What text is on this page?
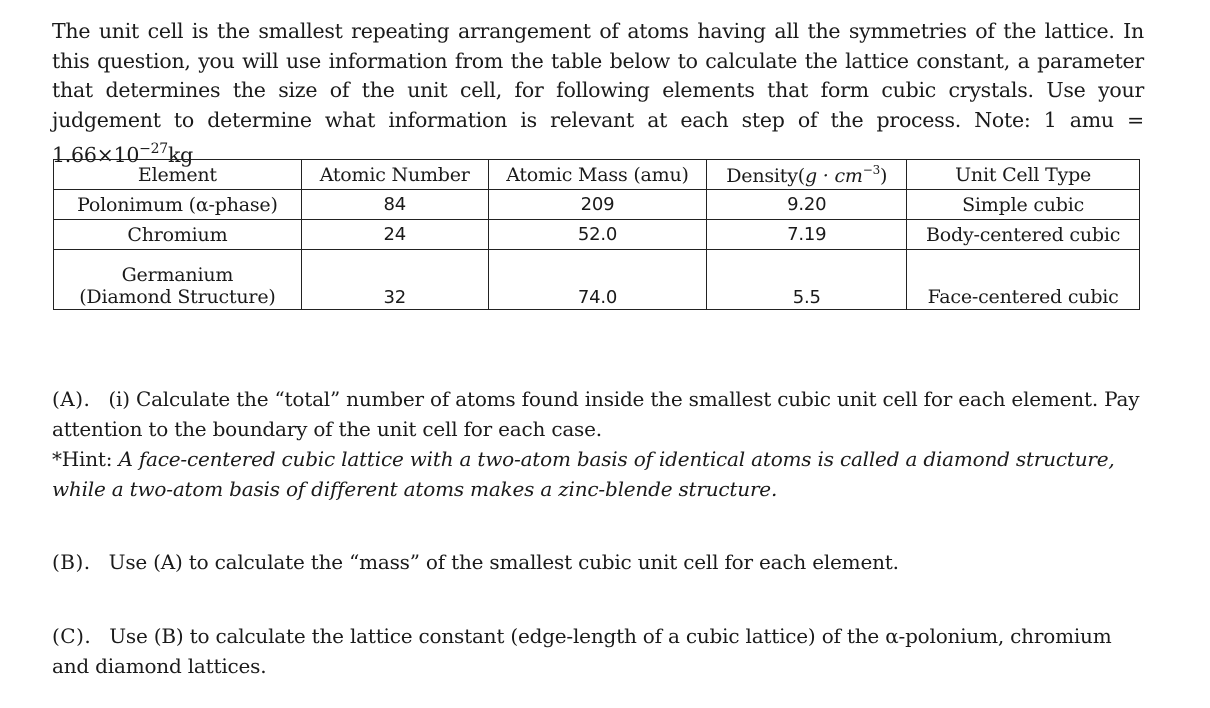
The unit cell is the smallest repeating arrangement of atoms having all the symmetries of the lattice. In this question, you will use information from the table below to calculate the lattice constant, a parameter that determines the size of the unit cell, for following elements that form cubic crystals. Use your judgement to determine what information is relevant at each step of the process. Note: 1 amu = $1.66\times 10^{-27}kg$

Element	Atomic Number	Atomic Mass (amu)	Density(g · $cm^{-3}$)	Unit Cell Type
Polonimum (α-phase)	84	209	9.20	Simple cubic
Chromium	24	52.0	7.19	Body-centered cubic

Germanium
(Diamond Structure)	32	74.0	5.5	Face-centered cubic
(A). (i) Calculate the “total” number of atoms found inside the smallest cubic unit cell for each element. Pay attention to the boundary of the unit cell for each case.
*Hint: A face-centered cubic lattice with a two-atom basis of identical atoms is called a diamond structure, while a two-atom basis of different atoms makes a zinc-blende structure.
(B). Use (A) to calculate the “mass” of the smallest cubic unit cell for each element.
(C). Use (B) to calculate the lattice constant (edge-length of a cubic lattice) of the α-polonium, chromium and diamond lattices.
